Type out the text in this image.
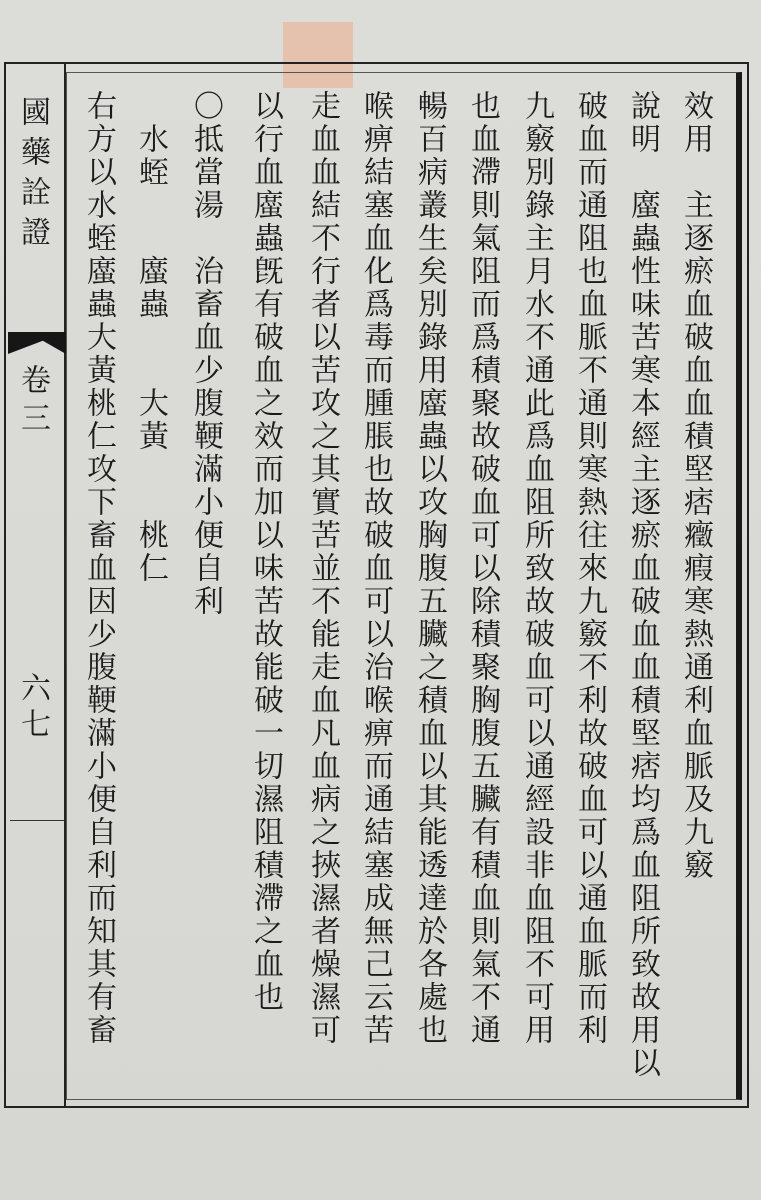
國藥詮證
卷三
六七	效用　主逐瘀血破血血積堅痞癥瘕寒熱通利血脈及九竅
說明　䗪蟲性味苦寒本經主逐瘀血破血血積堅痞均爲血阻所致故用以
破血而通阻也血脈不通則寒熱往來九竅不利故破血可以通血脈而利
九竅別錄主月水不通此爲血阻所致故破血可以通經設非血阻不可用
也血滯則氣阻而爲積聚故破血可以除積聚胸腹五臟有積血則氣不通
暢百病叢生矣別錄用䗪蟲以攻胸腹五臟之積血以其能透達於各處也
喉痹結塞血化爲毒而腫脹也故破血可以治喉痹而通結塞成無己云苦
走血血結不行者以苦攻之其實苦並不能走血凡血病之挾濕者燥濕可
以行血䗪蟲旣有破血之效而加以味苦故能破一切濕阻積滯之血也
〇抵當湯　治畜血少腹鞕滿小便自利
　水蛭　　䗪蟲　　大黃　　桃仁
右方以水蛭䗪蟲大黃桃仁攻下畜血因少腹鞕滿小便自利而知其有畜
